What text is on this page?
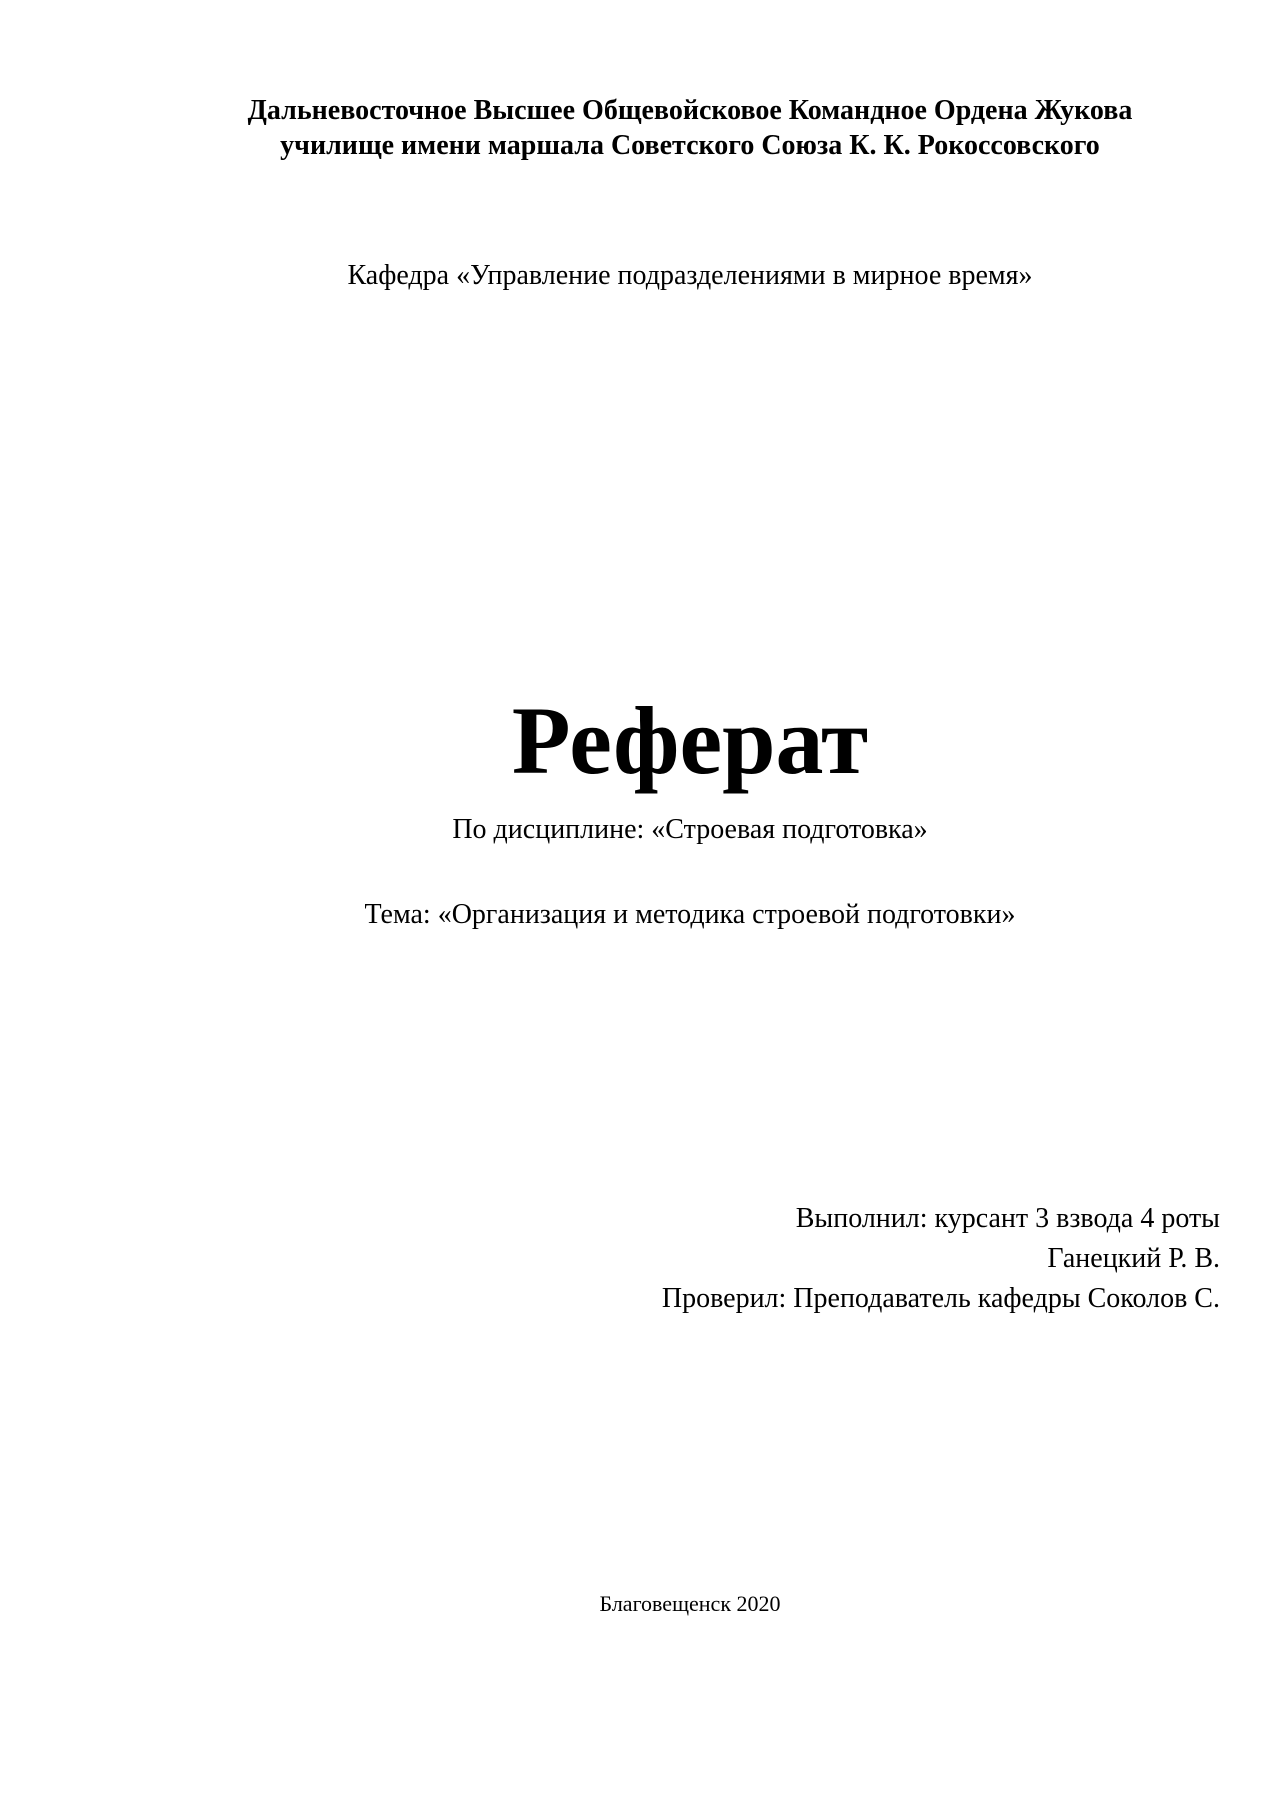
Дальневосточное Высшее Общевойсковое Командное Ордена Жукова
училище имени маршала Советского Союза К. К. Рокоссовского
Кафедра «Управление подразделениями в мирное время»
Реферат
По дисциплине: «Строевая подготовка»
Тема: «Организация и методика строевой подготовки»
Выполнил: курсант 3 взвода 4 роты
Ганецкий Р. В.
Проверил: Преподаватель кафедры Соколов С.
Благовещенск 2020
